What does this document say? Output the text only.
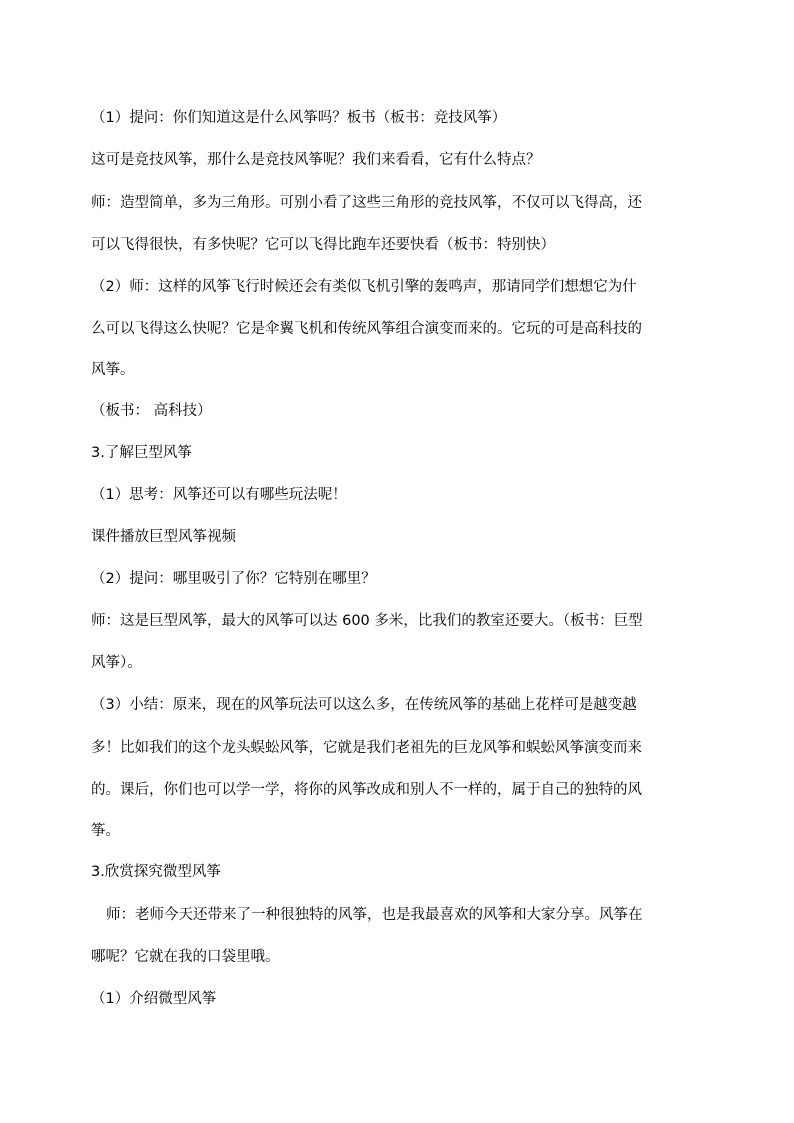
（1）提问：你们知道这是什么风筝吗？板书（板书：竞技风筝）
这可是竞技风筝，那什么是竞技风筝呢？我们来看看，它有什么特点？
师：造型简单，多为三角形。可别小看了这些三角形的竞技风筝，不仅可以飞得高，还
可以飞得很快，有多快呢？它可以飞得比跑车还要快看（板书：特别快）
（2）师：这样的风筝飞行时候还会有类似飞机引擎的轰鸣声，那请同学们想想它为什
么可以飞得这么快呢？它是伞翼飞机和传统风筝组合演变而来的。它玩的可是高科技的
风筝。
（板书： 高科技）
3.了解巨型风筝
（1）思考：风筝还可以有哪些玩法呢！
课件播放巨型风筝视频
（2）提问：哪里吸引了你？它特别在哪里？
师：这是巨型风筝，最大的风筝可以达 600 多米，比我们的教室还要大。（板书：巨型
风筝）。
（3）小结：原来，现在的风筝玩法可以这么多，在传统风筝的基础上花样可是越变越
多！比如我们的这个龙头蜈蚣风筝，它就是我们老祖先的巨龙风筝和蜈蚣风筝演变而来
的。课后，你们也可以学一学，将你的风筝改成和别人不一样的，属于自己的独特的风
筝。
3.欣赏探究微型风筝
师：老师今天还带来了一种很独特的风筝，也是我最喜欢的风筝和大家分享。风筝在
哪呢？它就在我的口袋里哦。
（1）介绍微型风筝
